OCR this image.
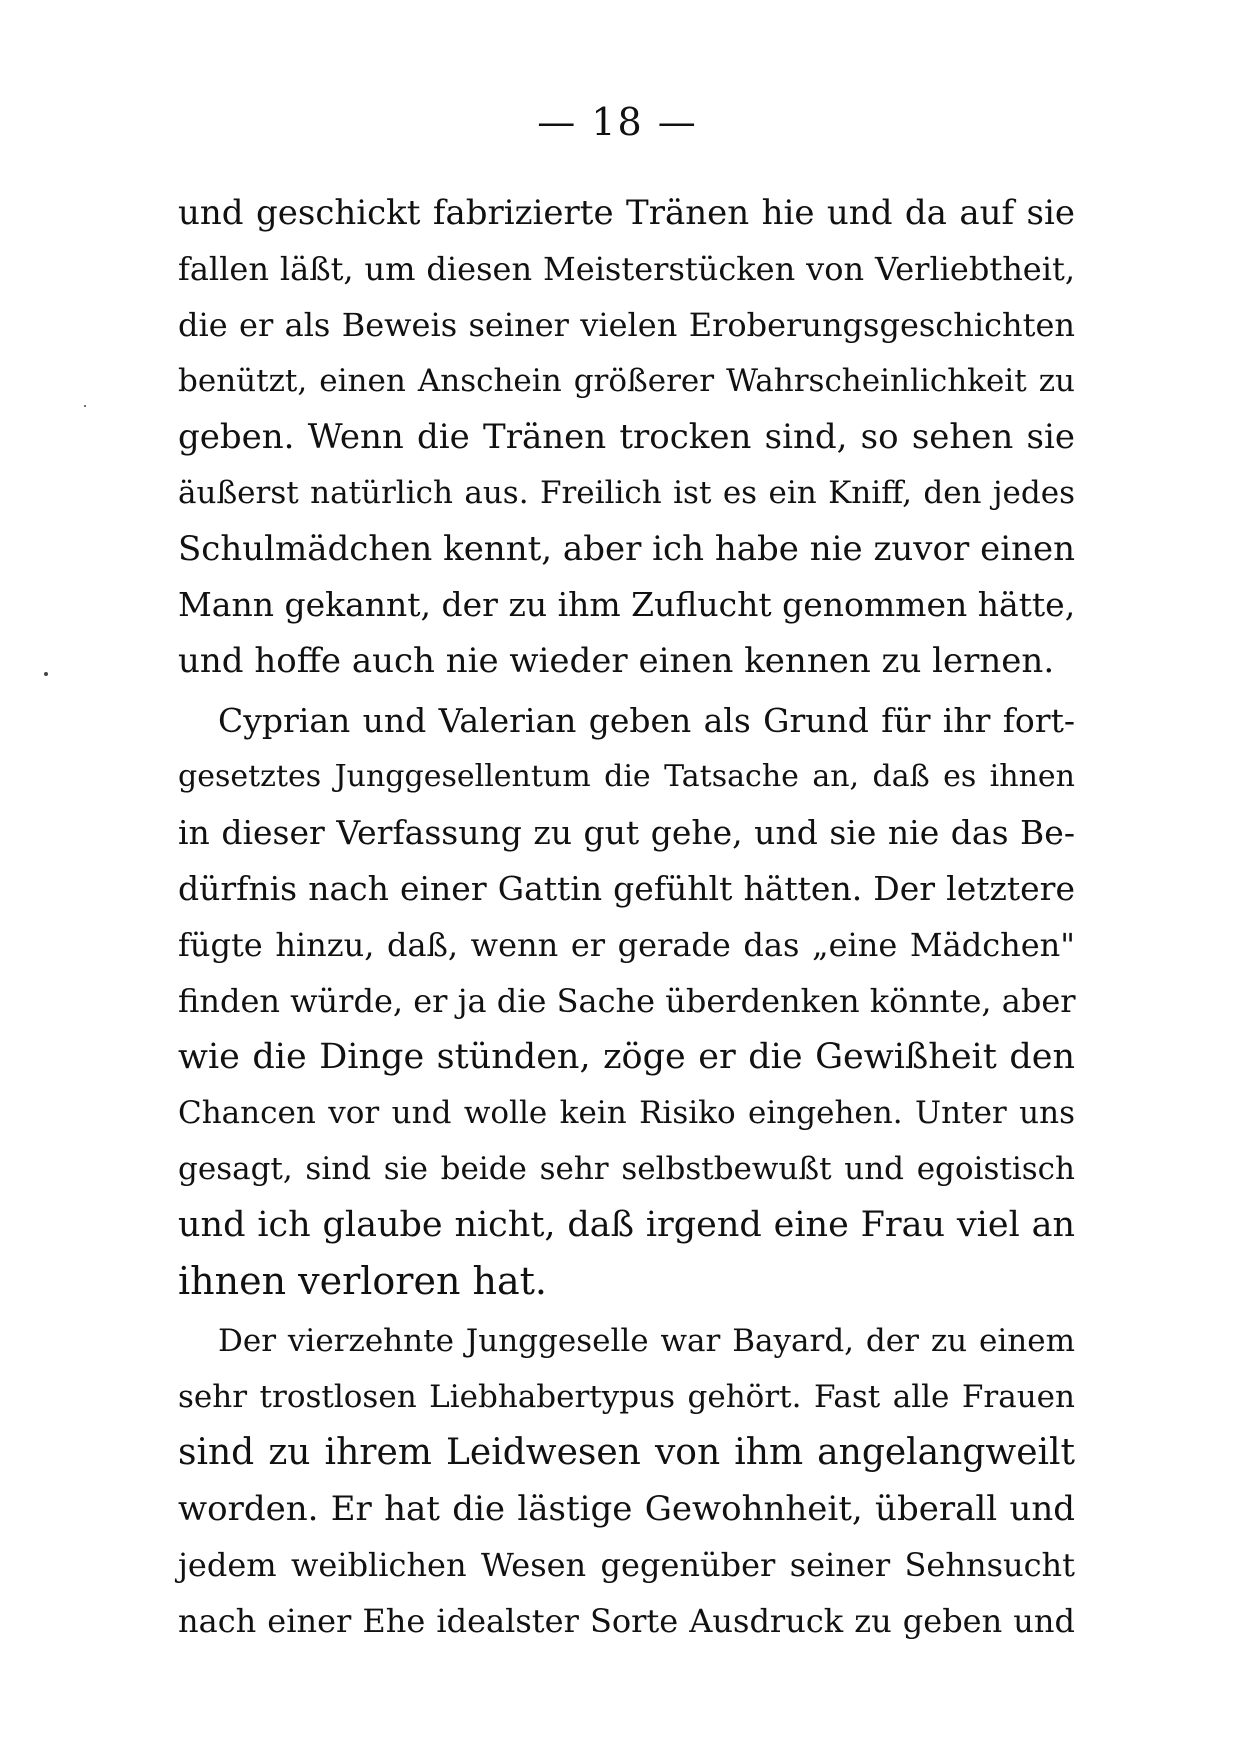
— 18 —
und geschickt fabrizierte Tränen hie und da auf sie
fallen läßt, um diesen Meisterstücken von Verliebtheit,
die er als Beweis seiner vielen Eroberungsgeschichten
benützt, einen Anschein größerer Wahrscheinlichkeit zu
geben. Wenn die Tränen trocken sind, so sehen sie
äußerst natürlich aus. Freilich ist es ein Kniff, den jedes
Schulmädchen kennt, aber ich habe nie zuvor einen
Mann gekannt, der zu ihm Zuflucht genommen hätte,
und hoffe auch nie wieder einen kennen zu lernen.
Cyprian und Valerian geben als Grund für ihr fort-
gesetztes Junggesellentum die Tatsache an, daß es ihnen
in dieser Verfassung zu gut gehe, und sie nie das Be-
dürfnis nach einer Gattin gefühlt hätten. Der letztere
fügte hinzu, daß, wenn er gerade das „eine Mädchen"
finden würde, er ja die Sache überdenken könnte, aber
wie die Dinge stünden, zöge er die Gewißheit den
Chancen vor und wolle kein Risiko eingehen. Unter uns
gesagt, sind sie beide sehr selbstbewußt und egoistisch
und ich glaube nicht, daß irgend eine Frau viel an
ihnen verloren hat.
Der vierzehnte Junggeselle war Bayard, der zu einem
sehr trostlosen Liebhabertypus gehört. Fast alle Frauen
sind zu ihrem Leidwesen von ihm angelangweilt
worden. Er hat die lästige Gewohnheit, überall und
jedem weiblichen Wesen gegenüber seiner Sehnsucht
nach einer Ehe idealster Sorte Ausdruck zu geben und
